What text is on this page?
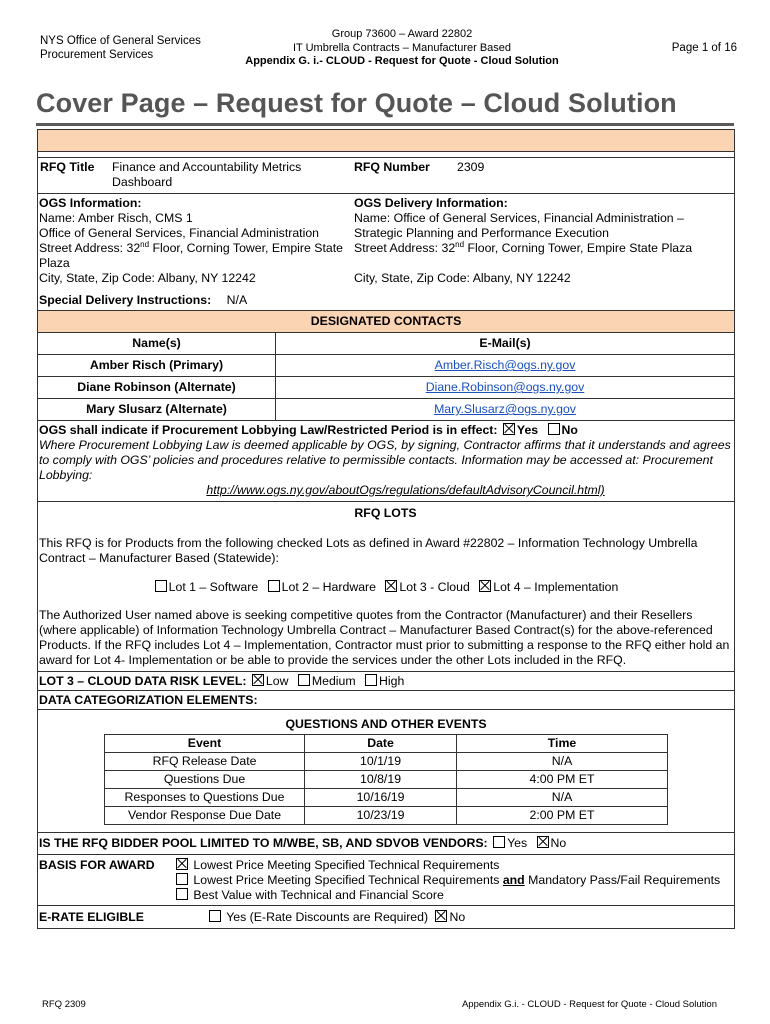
NYS Office of General Services
Procurement Services
Group 73600 – Award 22802
IT Umbrella Contracts – Manufacturer Based
Appendix G. i.- CLOUD - Request for Quote - Cloud Solution
Page 1 of 16
Cover Page – Request for Quote – Cloud Solution

RFQ Title	Finance and Accountability Metrics Dashboard
RFQ Number	2309

OGS Information:
Name: Amber Risch, CMS 1
Office of General Services, Financial Administration
Street Address: 32nd Floor, Corning Tower, Empire State Plaza
City, State, Zip Code: Albany, NY 12242
OGS Delivery Information:
Name: Office of General Services, Financial Administration –
Strategic Planning and Performance Execution
Street Address: 32nd Floor, Corning Tower, Empire State Plaza
City, State, Zip Code: Albany, NY 12242
Special Delivery Instructions: N/A

DESIGNATED CONTACTS
Name(s)	E-Mail(s)
Amber Risch (Primary)	Amber.Risch@ogs.ny.gov
Diane Robinson (Alternate)	Diane.Robinson@ogs.ny.gov
Mary Slusarz (Alternate)	Mary.Slusarz@ogs.ny.gov

OGS shall indicate if Procurement Lobbying Law/Restricted Period is in effect: Yes No
Where Procurement Lobbying Law is deemed applicable by OGS, by signing, Contractor affirms that it understands and agrees to comply with OGS’ policies and procedures relative to permissible contacts. Information may be accessed at: Procurement Lobbying:
http://www.ogs.ny.gov/aboutOgs/regulations/defaultAdvisoryCouncil.html)

RFQ LOTS
This RFQ is for Products from the following checked Lots as defined in Award #22802 – Information Technology Umbrella Contract – Manufacturer Based (Statewide):
Lot 1 – Software Lot 2 – Hardware Lot 3 - Cloud Lot 4 – Implementation
The Authorized User named above is seeking competitive quotes from the Contractor (Manufacturer) and their Resellers (where applicable) of Information Technology Umbrella Contract – Manufacturer Based Contract(s) for the above-referenced Products. If the RFQ includes Lot 4 – Implementation, Contractor must prior to submitting a response to the RFQ either hold an award for Lot 4- Implementation or be able to provide the services under the other Lots included in the RFQ.

LOT 3 – CLOUD DATA RISK LEVEL: Low Medium High
DATA CATEGORIZATION ELEMENTS:

QUESTIONS AND OTHER EVENTS
Event	Date	Time
RFQ Release Date	10/1/19	N/A
Questions Due	10/8/19	4:00 PM ET
Responses to Questions Due	10/16/19	N/A
Vendor Response Due Date	10/23/19	2:00 PM ET

IS THE RFQ BIDDER POOL LIMITED TO M/WBE, SB, AND SDVOB VENDORS: Yes No

BASIS FOR AWARD	Lowest Price Meeting Specified Technical Requirements
Lowest Price Meeting Specified Technical Requirements and Mandatory Pass/Fail Requirements
Best Value with Technical and Financial Score

E-RATE ELIGIBLE	Yes (E-Rate Discounts are Required) No
RFQ 2309	Appendix G.i. - CLOUD - Request for Quote - Cloud Solution
